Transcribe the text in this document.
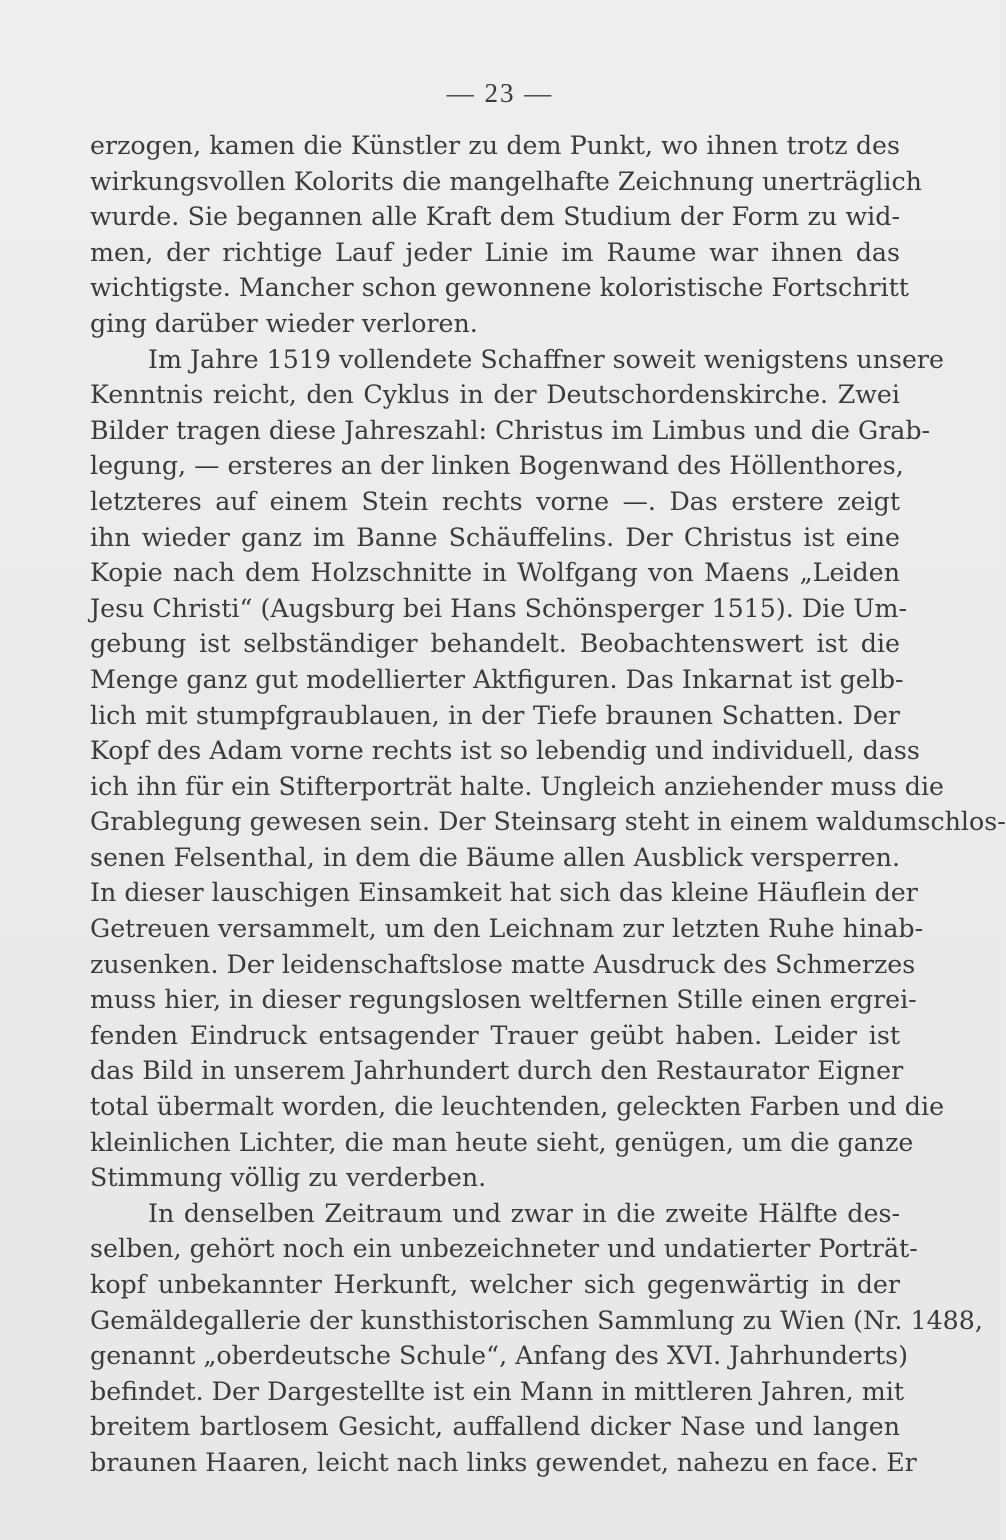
— 23 —
erzogen, kamen die Künstler zu dem Punkt, wo ihnen trotz des
wirkungsvollen Kolorits die mangelhafte Zeichnung unerträglich
wurde. Sie begannen alle Kraft dem Studium der Form zu wid-
men, der richtige Lauf jeder Linie im Raume war ihnen das
wichtigste. Mancher schon gewonnene koloristische Fortschritt
ging darüber wieder verloren.
Im Jahre 1519 vollendete Schaffner soweit wenigstens unsere
Kenntnis reicht, den Cyklus in der Deutschordenskirche. Zwei
Bilder tragen diese Jahreszahl: Christus im Limbus und die Grab-
legung, — ersteres an der linken Bogenwand des Höllenthores,
letzteres auf einem Stein rechts vorne —. Das erstere zeigt
ihn wieder ganz im Banne Schäuffelins. Der Christus ist eine
Kopie nach dem Holzschnitte in Wolfgang von Maens „Leiden
Jesu Christi“ (Augsburg bei Hans Schönsperger 1515). Die Um-
gebung ist selbständiger behandelt. Beobachtenswert ist die
Menge ganz gut modellierter Aktfiguren. Das Inkarnat ist gelb-
lich mit stumpfgraublauen, in der Tiefe braunen Schatten. Der
Kopf des Adam vorne rechts ist so lebendig und individuell, dass
ich ihn für ein Stifterporträt halte. Ungleich anziehender muss die
Grablegung gewesen sein. Der Steinsarg steht in einem waldumschlos-
senen Felsenthal, in dem die Bäume allen Ausblick versperren.
In dieser lauschigen Einsamkeit hat sich das kleine Häuflein der
Getreuen versammelt, um den Leichnam zur letzten Ruhe hinab-
zusenken. Der leidenschaftslose matte Ausdruck des Schmerzes
muss hier, in dieser regungslosen weltfernen Stille einen ergrei-
fenden Eindruck entsagender Trauer geübt haben. Leider ist
das Bild in unserem Jahrhundert durch den Restaurator Eigner
total übermalt worden, die leuchtenden, geleckten Farben und die
kleinlichen Lichter, die man heute sieht, genügen, um die ganze
Stimmung völlig zu verderben.
In denselben Zeitraum und zwar in die zweite Hälfte des-
selben, gehört noch ein unbezeichneter und undatierter Porträt-
kopf unbekannter Herkunft, welcher sich gegenwärtig in der
Gemäldegallerie der kunsthistorischen Sammlung zu Wien (Nr. 1488,
genannt „oberdeutsche Schule“, Anfang des XVI. Jahrhunderts)
befindet. Der Dargestellte ist ein Mann in mittleren Jahren, mit
breitem bartlosem Gesicht, auffallend dicker Nase und langen
braunen Haaren, leicht nach links gewendet, nahezu en face. Er
